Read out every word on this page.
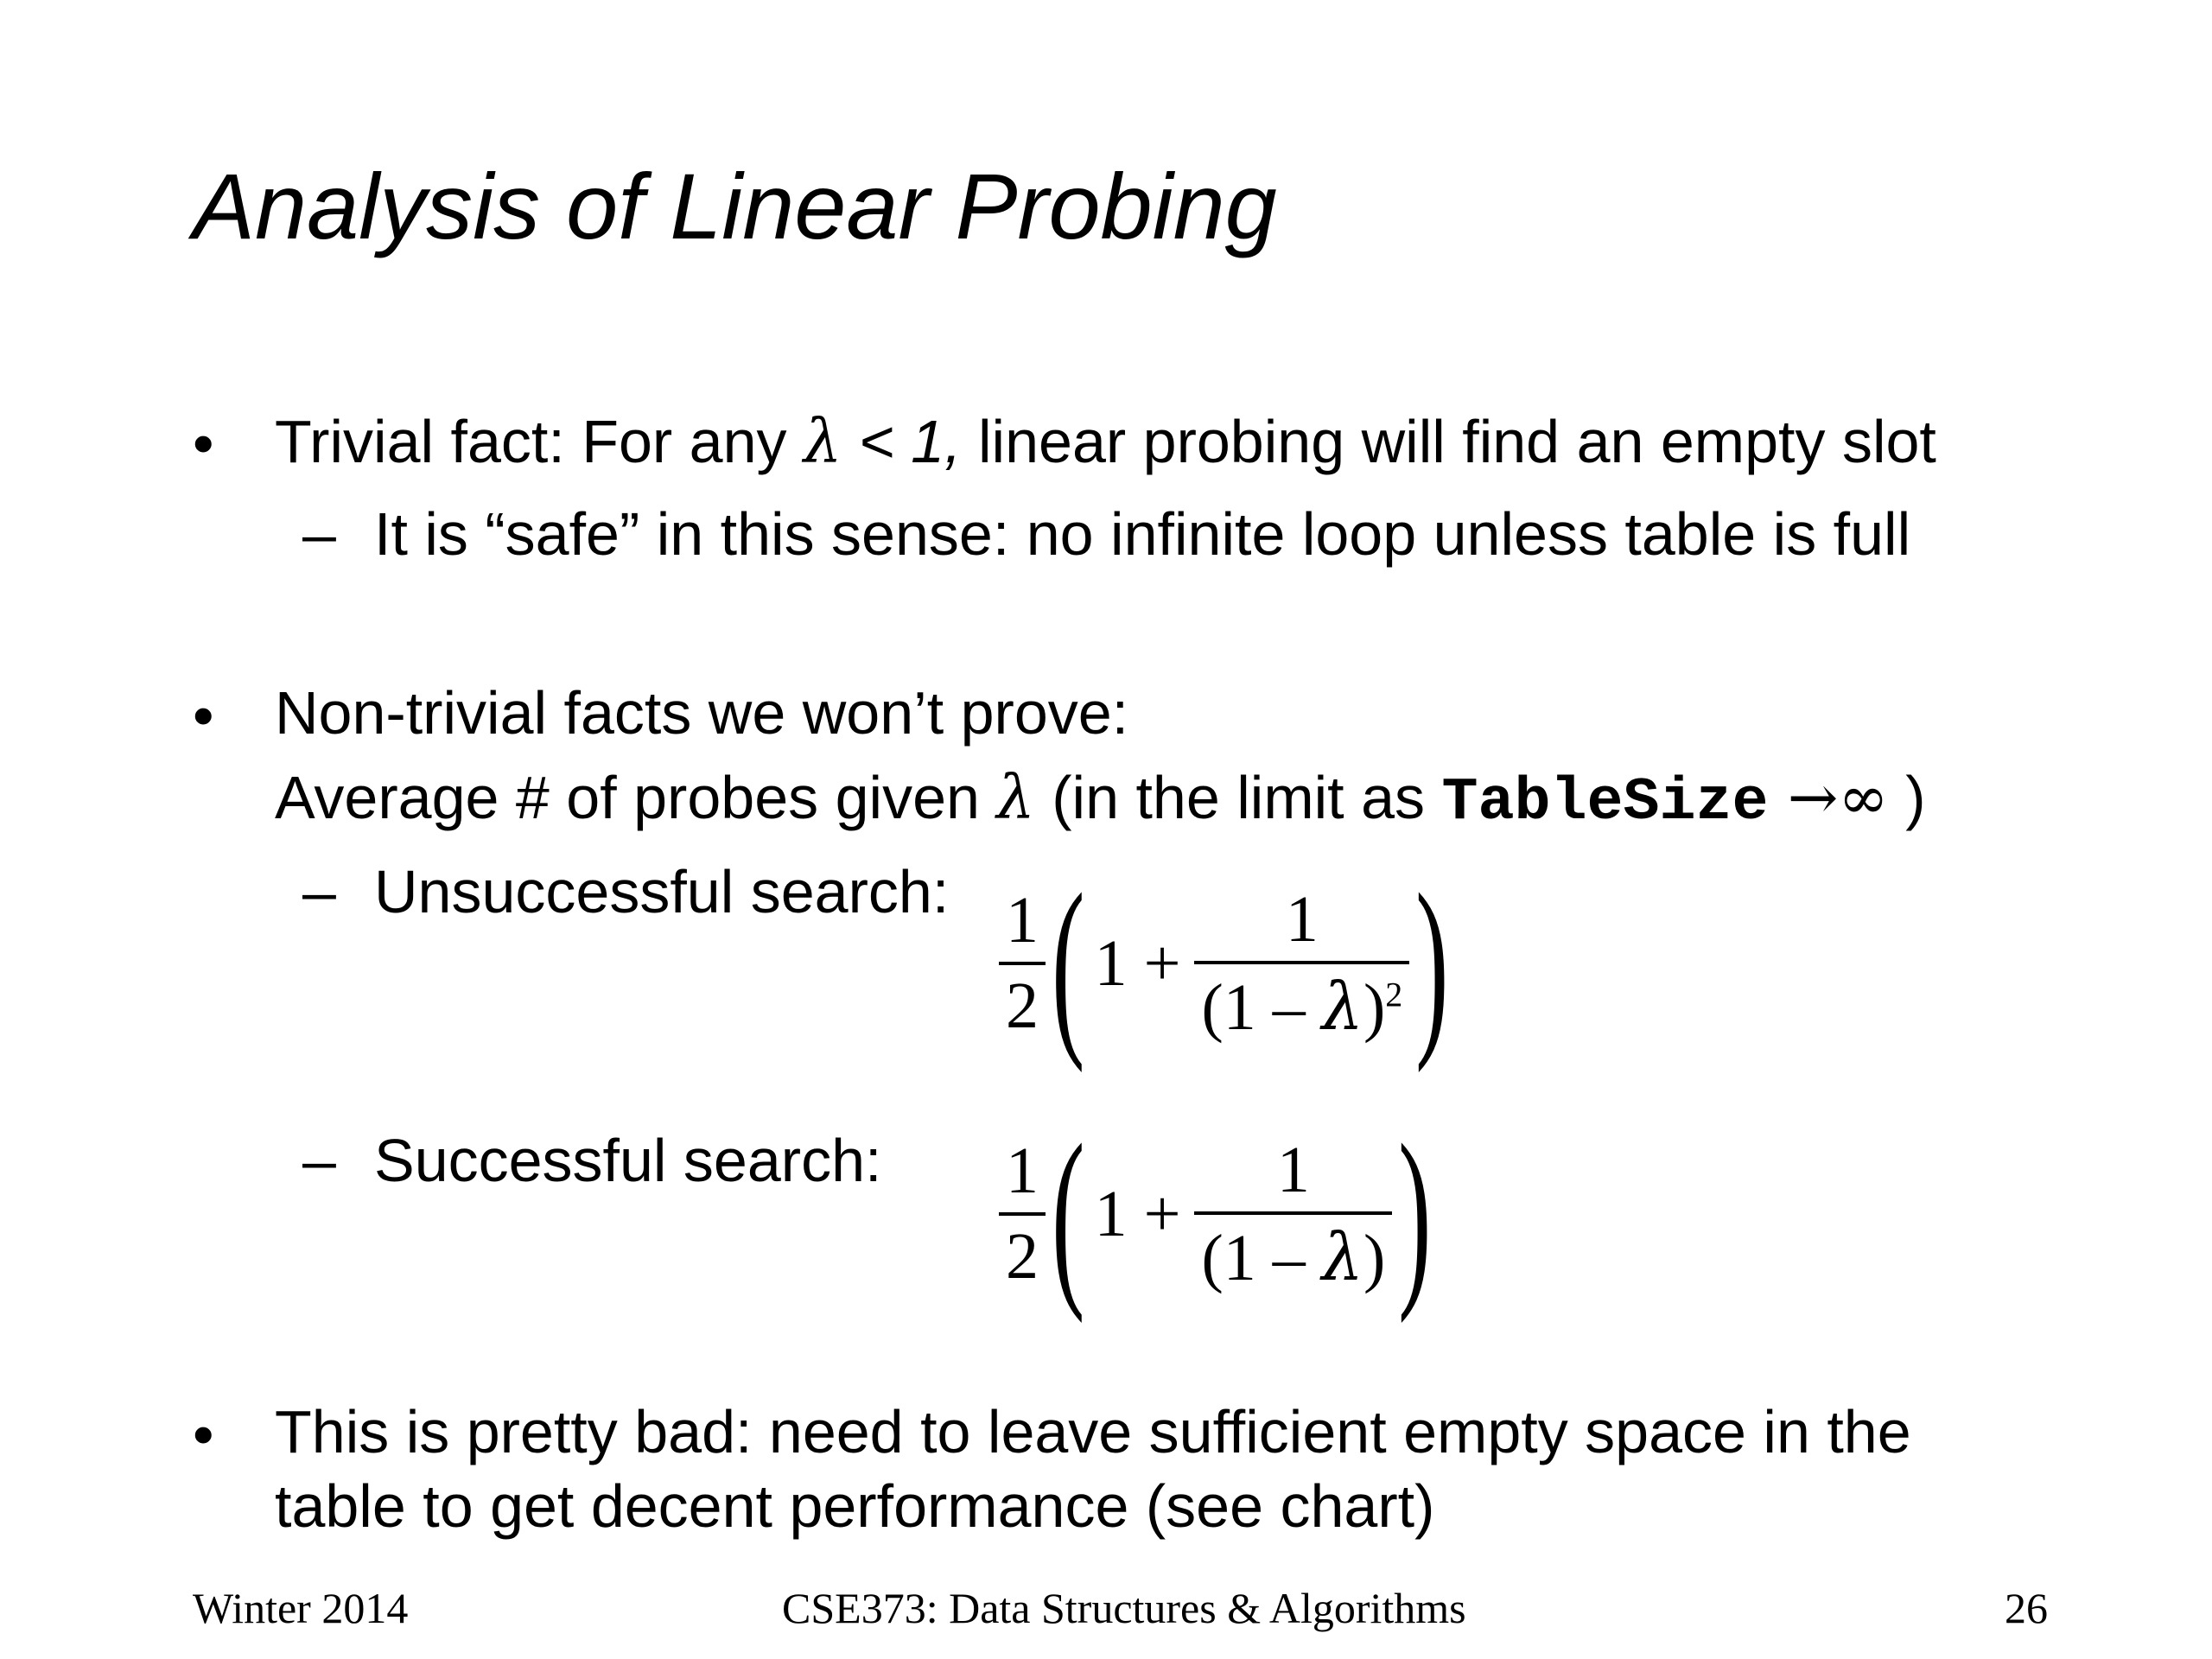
Analysis of Linear Probing
• Trivial fact: For any λ < 1, linear probing will find an empty slot
– It is “safe” in this sense: no infinite loop unless table is full
• Non-trivial facts we won’t prove:
Average # of probes given λ (in the limit as TableSize →∞ )
– Unsuccessful search: $\frac{1}{2}$ ( $1 + \frac{1}{(1 - \lambda)^2}$ )
– Successful search: $\frac{1}{2}$ ( $1 + \frac{1}{(1 - \lambda)}$ )
• This is pretty bad: need to leave sufficient empty space in the
table to get decent performance (see chart)
Winter 2014	CSE373: Data Structures & Algorithms	26
